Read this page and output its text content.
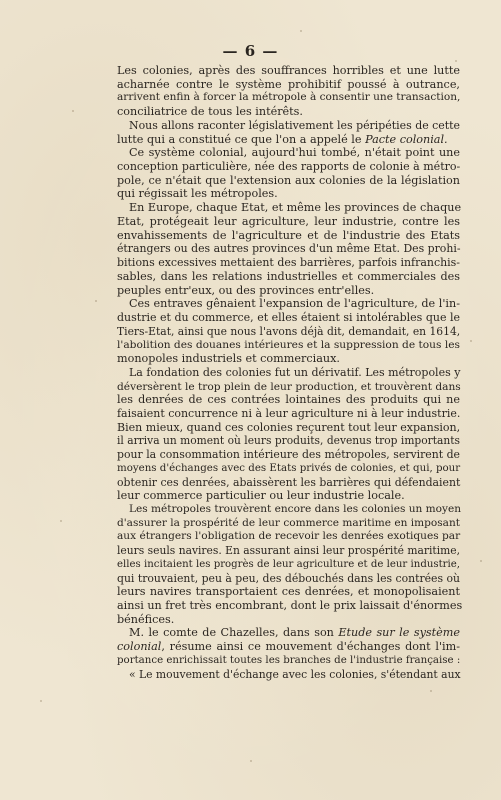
— 6 —
Les colonies, après des souffrances horribles et une lutte
acharnée contre le système prohibitif poussé à outrance,
arrivent enfin à forcer la métropole à consentir une transaction,
conciliatrice de tous les intérêts.
Nous allons raconter législativement les péripéties de cette
lutte qui a constitué ce que l'on a appelé le Pacte colonial.
Ce système colonial, aujourd'hui tombé, n'était point une
conception particulière, née des rapports de colonie à métro-
pole, ce n'était que l'extension aux colonies de la législation
qui régissait les métropoles.
En Europe, chaque Etat, et même les provinces de chaque
Etat, protégeait leur agriculture, leur industrie, contre les
envahissements de l'agriculture et de l'industrie des Etats
étrangers ou des autres provinces d'un même Etat. Des prohi-
bitions excessives mettaient des barrières, parfois infranchis-
sables, dans les relations industrielles et commerciales des
peuples entr'eux, ou des provinces entr'elles.
Ces entraves gênaient l'expansion de l'agriculture, de l'in-
dustrie et du commerce, et elles étaient si intolérables que le
Tiers-Etat, ainsi que nous l'avons déjà dit, demandait, en 1614,
l'abolition des douanes intérieures et la suppression de tous les
monopoles industriels et commerciaux.
La fondation des colonies fut un dérivatif. Les métropoles y
déversèrent le trop plein de leur production, et trouvèrent dans
les denrées de ces contrées lointaines des produits qui ne
faisaient concurrence ni à leur agriculture ni à leur industrie.
Bien mieux, quand ces colonies reçurent tout leur expansion,
il arriva un moment où leurs produits, devenus trop importants
pour la consommation intérieure des métropoles, servirent de
moyens d'échanges avec des Etats privés de colonies, et qui, pour
obtenir ces denrées, abaissèrent les barrières qui défendaient
leur commerce particulier ou leur industrie locale.
Les métropoles trouvèrent encore dans les colonies un moyen
d'assurer la prospérité de leur commerce maritime en imposant
aux étrangers l'obligation de recevoir les denrées exotiques par
leurs seuls navires. En assurant ainsi leur prospérité maritime,
elles incitaient les progrès de leur agriculture et de leur industrie,
qui trouvaient, peu à peu, des débouchés dans les contrées où
leurs navires transportaient ces denrées, et monopolisaient
ainsi un fret très encombrant, dont le prix laissait d'énormes
bénéfices.
M. le comte de Chazelles, dans son Etude sur le système
colonial, résume ainsi ce mouvement d'échanges dont l'im-
portance enrichissait toutes les branches de l'industrie française :
« Le mouvement d'échange avec les colonies, s'étendant aux
